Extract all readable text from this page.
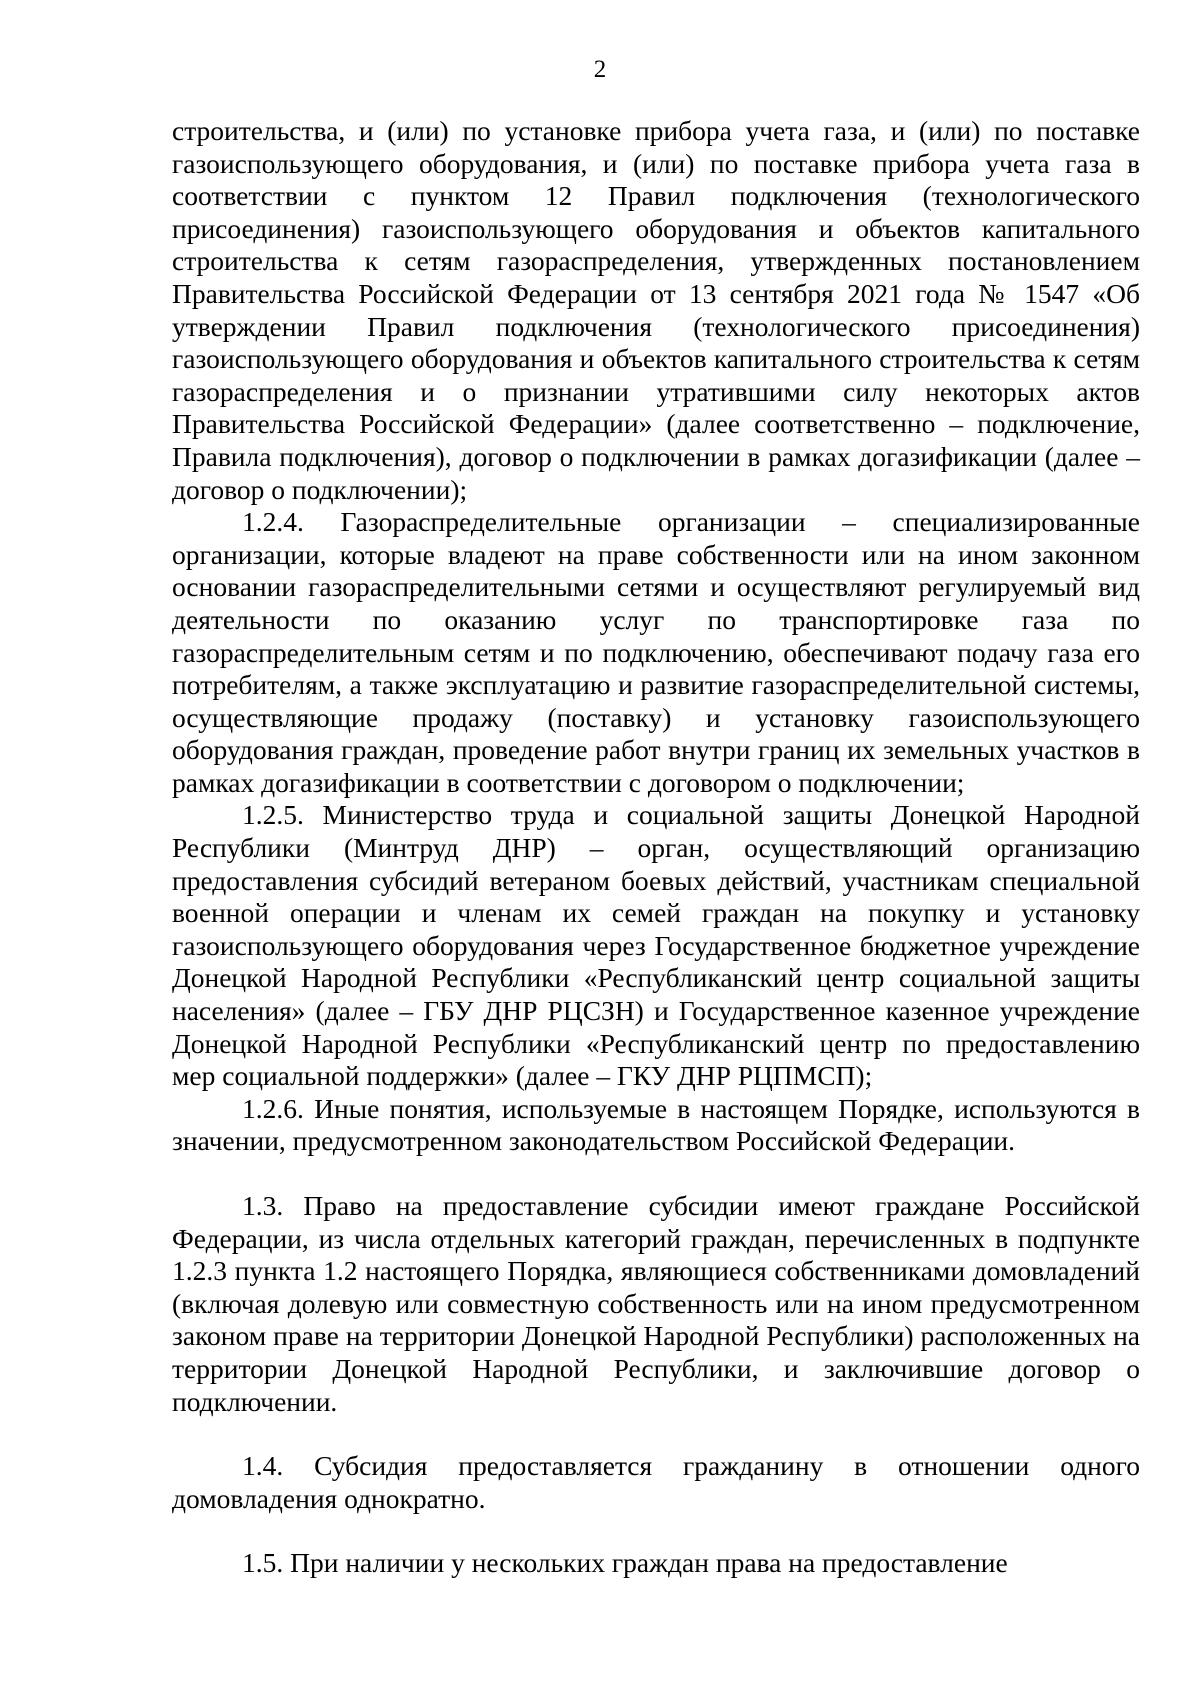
2

строительства, и (или) по установке прибора учета газа, и (или) по поставке газоиспользующего оборудования, и (или) по поставке прибора учета газа в соответствии с пунктом 12 Правил подключения (технологического присоединения) газоиспользующего оборудования и объектов капитального строительства к сетям газораспределения, утвержденных постановлением Правительства Российской Федерации от 13 сентября 2021 года № 1547 «Об утверждении Правил подключения (технологического присоединения) газоиспользующего оборудования и объектов капитального строительства к сетям газораспределения и о признании утратившими силу некоторых актов Правительства Российской Федерации» (далее соответственно – подключение, Правила подключения), договор о подключении в рамках догазификации (далее – договор о подключении);

1.2.4. Газораспределительные организации – специализированные организации, которые владеют на праве собственности или на ином законном основании газораспределительными сетями и осуществляют регулируемый вид деятельности по оказанию услуг по транспортировке газа по газораспределительным сетям и по подключению, обеспечивают подачу газа его потребителям, а также эксплуатацию и развитие газораспределительной системы, осуществляющие продажу (поставку) и установку газоиспользующего оборудования граждан, проведение работ внутри границ их земельных участков в рамках догазификации в соответствии с договором о подключении;

1.2.5. Министерство труда и социальной защиты Донецкой Народной Республики (Минтруд ДНР) – орган, осуществляющий организацию предоставления субсидий ветераном боевых действий, участникам специальной военной операции и членам их семей граждан на покупку и установку газоиспользующего оборудования через Государственное бюджетное учреждение Донецкой Народной Республики «Республиканский центр социальной защиты населения» (далее – ГБУ ДНР РЦСЗН) и Государственное казенное учреждение Донецкой Народной Республики «Республиканский центр по предоставлению мер социальной поддержки» (далее – ГКУ ДНР РЦПМСП);

1.2.6. Иные понятия, используемые в настоящем Порядке, используются в значении, предусмотренном законодательством Российской Федерации.

1.3. Право на предоставление субсидии имеют граждане Российской Федерации, из числа отдельных категорий граждан, перечисленных в подпункте 1.2.3 пункта 1.2 настоящего Порядка, являющиеся собственниками домовладений (включая долевую или совместную собственность или на ином предусмотренном законом праве на территории Донецкой Народной Республики) расположенных на территории Донецкой Народной Республики, и заключившие договор о подключении.

1.4. Субсидия предоставляется гражданину в отношении одного домовладения однократно.

1.5. При наличии у нескольких граждан права на предоставление
